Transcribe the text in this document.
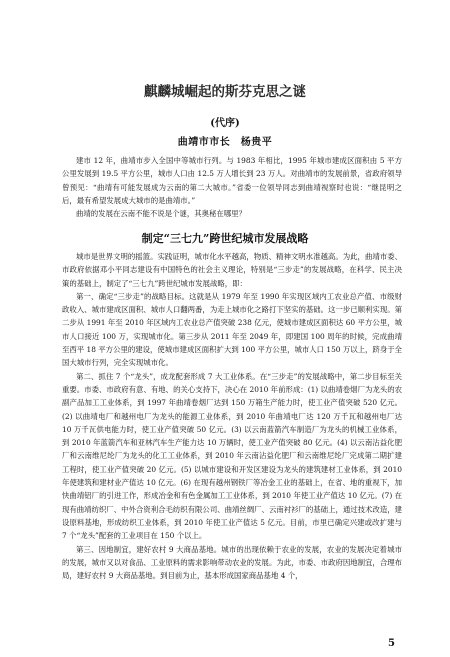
麒麟城崛起的斯芬克思之谜
(代序)
曲靖市市长　杨贵平

建市 12 年，曲靖市步入全国中等城市行列。与 1983 年相比，1995 年城市建成区面积由 5 平方公里发展到 19.5 平方公里，城市人口由 12.5 万人增长到 23 万人。对曲靖市的发展前景，省政府领导曾预见：“曲靖有可能发展成为云南的第二大城市。”省委一位领导同志到曲靖视察时也说：“继昆明之后，最有希望发展成大城市的是曲靖市。”

曲靖的发展在云南不能不说是个谜，其奥秘在哪里？

制定“三七九”跨世纪城市发展战略

城市是世界文明的摇篮。实践证明，城市化水平越高，物质、精神文明水准越高。为此，曲靖市委、市政府依据邓小平同志建设有中国特色的社会主义理论，特别是“三步走”的发展战略，在科学、民主决策的基础上，制定了“三七九”跨世纪城市发展战略，即：

第一、确定“三步走”的战略目标。这就是从 1979 年至 1990 年实现区域内工农业总产值、市级财政收入、城市建成区面积、城市人口翻两番，为走上城市化之路打下坚实的基础。这一步已顺利实现。第二步从 1991 年至 2010 年区域内工农业总产值突破 238 亿元，使城市建成区面积达 60 平方公里，城市人口接近 100 万，实现城市化。第三步从 2011 年至 2049 年，即建国 100 周年的时候，完成曲靖至西平 18 平方公里的建设，使城市建成区面积扩大到 100 平方公里，城市人口 150 万以上，跻身于全国大城市行列，完全实现城市化。

第二、抓住 7 个“龙头”，成龙配套形成 7 大工业体系。在“三步走”的发展战略中，第二步目标至关重要。市委、市政府有意、有地、的关心支持下，决心在 2010 年前形成：(1) 以曲靖卷烟厂为龙头的农副产品加工工业体系，到 1997 年曲靖卷烟厂达到 150 万箱生产能力时，使工业产值突破 520 亿元。(2) 以曲靖电厂和越州电厂为龙头的能源工业体系，到 2010 年曲靖电厂达 120 万千瓦和越州电厂达 10 万千瓦供电能力时，使工业产值突破 50 亿元。(3) 以云南蓝箭汽车制造厂为龙头的机械工业体系，到 2010 年蓝箭汽车和亚林汽车生产能力达 10 万辆时，使工业产值突破 80 亿元。(4) 以云南沾益化肥厂和云南维尼纶厂为龙头的化工工业体系，到 2010 年云南沾益化肥厂和云南维尼纶厂完成第二期扩建工程时，使工业产值突破 20 亿元。(5) 以城市建设和开发区建设为龙头的建筑建材工业体系，到 2010 年使建筑和建材业产值达 10 亿元。(6) 在现有越州钢铁厂等冶金工业的基础上，在省、地的重视下，加快曲靖铝厂的引进工作，形成冶金和有色金属加工工业体系，到 2010 年使工业产值达 10 亿元。(7) 在现有曲靖纺织厂、中外合资利合毛纺织有限公司、曲靖丝绸厂、云南衬衫厂的基础上，通过技术改造，建设原料基地，形成纺织工业体系，到 2010 年使工业产值达 5 亿元。目前，市里已确定兴建或改扩建与 7 个“龙头”配套的工业项目在 150 个以上。

第三、因地制宜，建好农村 9 大商品基地。城市的出现依赖于农业的发展，农业的发展决定着城市的发展，城市又以对食品、工业原料的需求影响带动农业的发展。为此，市委、市政府因地制宜，合理布局，建好农村 9 大商品基地。到目前为止，基本形成国家商品基地 4 个，

5
